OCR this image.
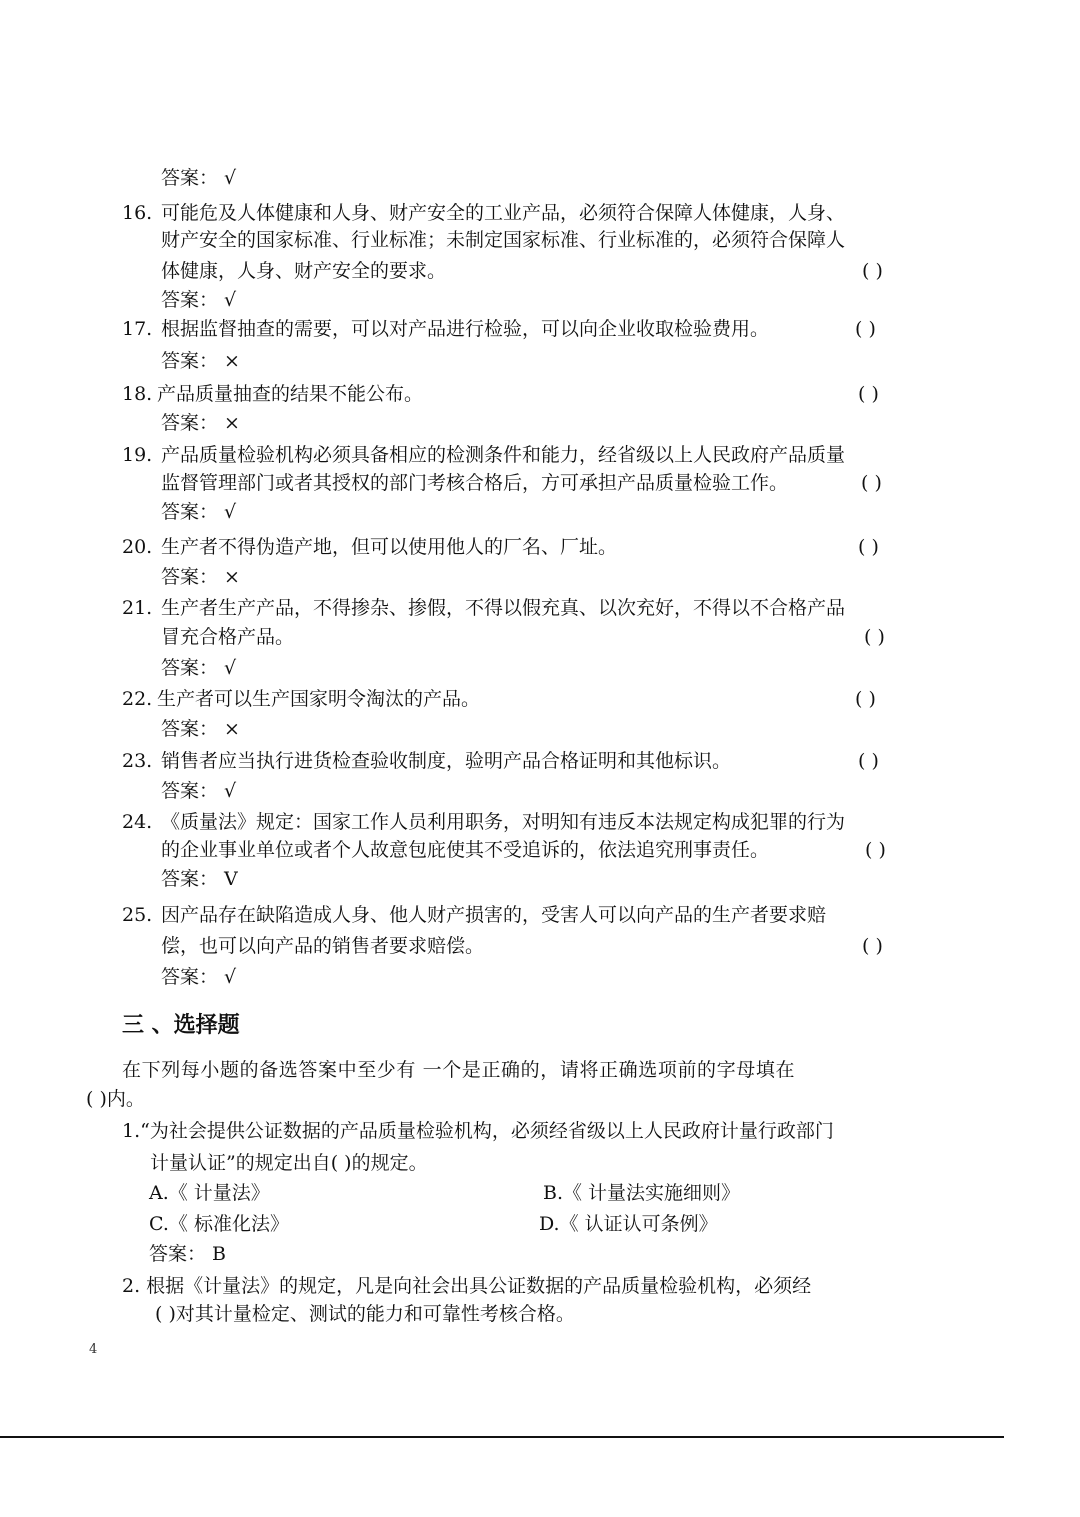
答案： √
16. 可能危及人体健康和人身、财产安全的工业产品，必须符合保障人体健康，人身、
财产安全的国家标准、行业标准；未制定国家标准、行业标准的，必须符合保障人
体健康，人身、财产安全的要求。	( )
答案： √
17. 根据监督抽查的需要，可以对产品进行检验，可以向企业收取检验费用。	( )
答案： ×
18. 产品质量抽查的结果不能公布。	( )
答案： ×
19. 产品质量检验机构必须具备相应的检测条件和能力，经省级以上人民政府产品质量
监督管理部门或者其授权的部门考核合格后，方可承担产品质量检验工作。	( )
答案： √
20. 生产者不得伪造产地，但可以使用他人的厂名、厂址。	( )
答案： ×
21. 生产者生产产品，不得掺杂、掺假，不得以假充真、以次充好，不得以不合格产品
冒充合格产品。	( )
答案： √
22. 生产者可以生产国家明令淘汰的产品。	( )
答案： ×
23. 销售者应当执行进货检查验收制度，验明产品合格证明和其他标识。	( )
答案： √
24. 《质量法》规定：国家工作人员利用职务，对明知有违反本法规定构成犯罪的行为
的企业事业单位或者个人故意包庇使其不受追诉的，依法追究刑事责任。	( )
答案： V
25. 因产品存在缺陷造成人身、他人财产损害的，受害人可以向产品的生产者要求赔
偿，也可以向产品的销售者要求赔偿。	( )
答案： √
三 、选择题
在下列每小题的备选答案中至少有 一个是正确的，请将正确选项前的字母填在
( )内。
1.“为社会提供公证数据的产品质量检验机构，必须经省级以上人民政府计量行政部门
计量认证”的规定出自( )的规定。
A.《 计量法》	B.《 计量法实施细则》
C.《 标准化法》	D.《 认证认可条例》
答案： B
2. 根据《计量法》的规定，凡是向社会出具公证数据的产品质量检验机构，必须经
( )对其计量检定、测试的能力和可靠性考核合格。
4
